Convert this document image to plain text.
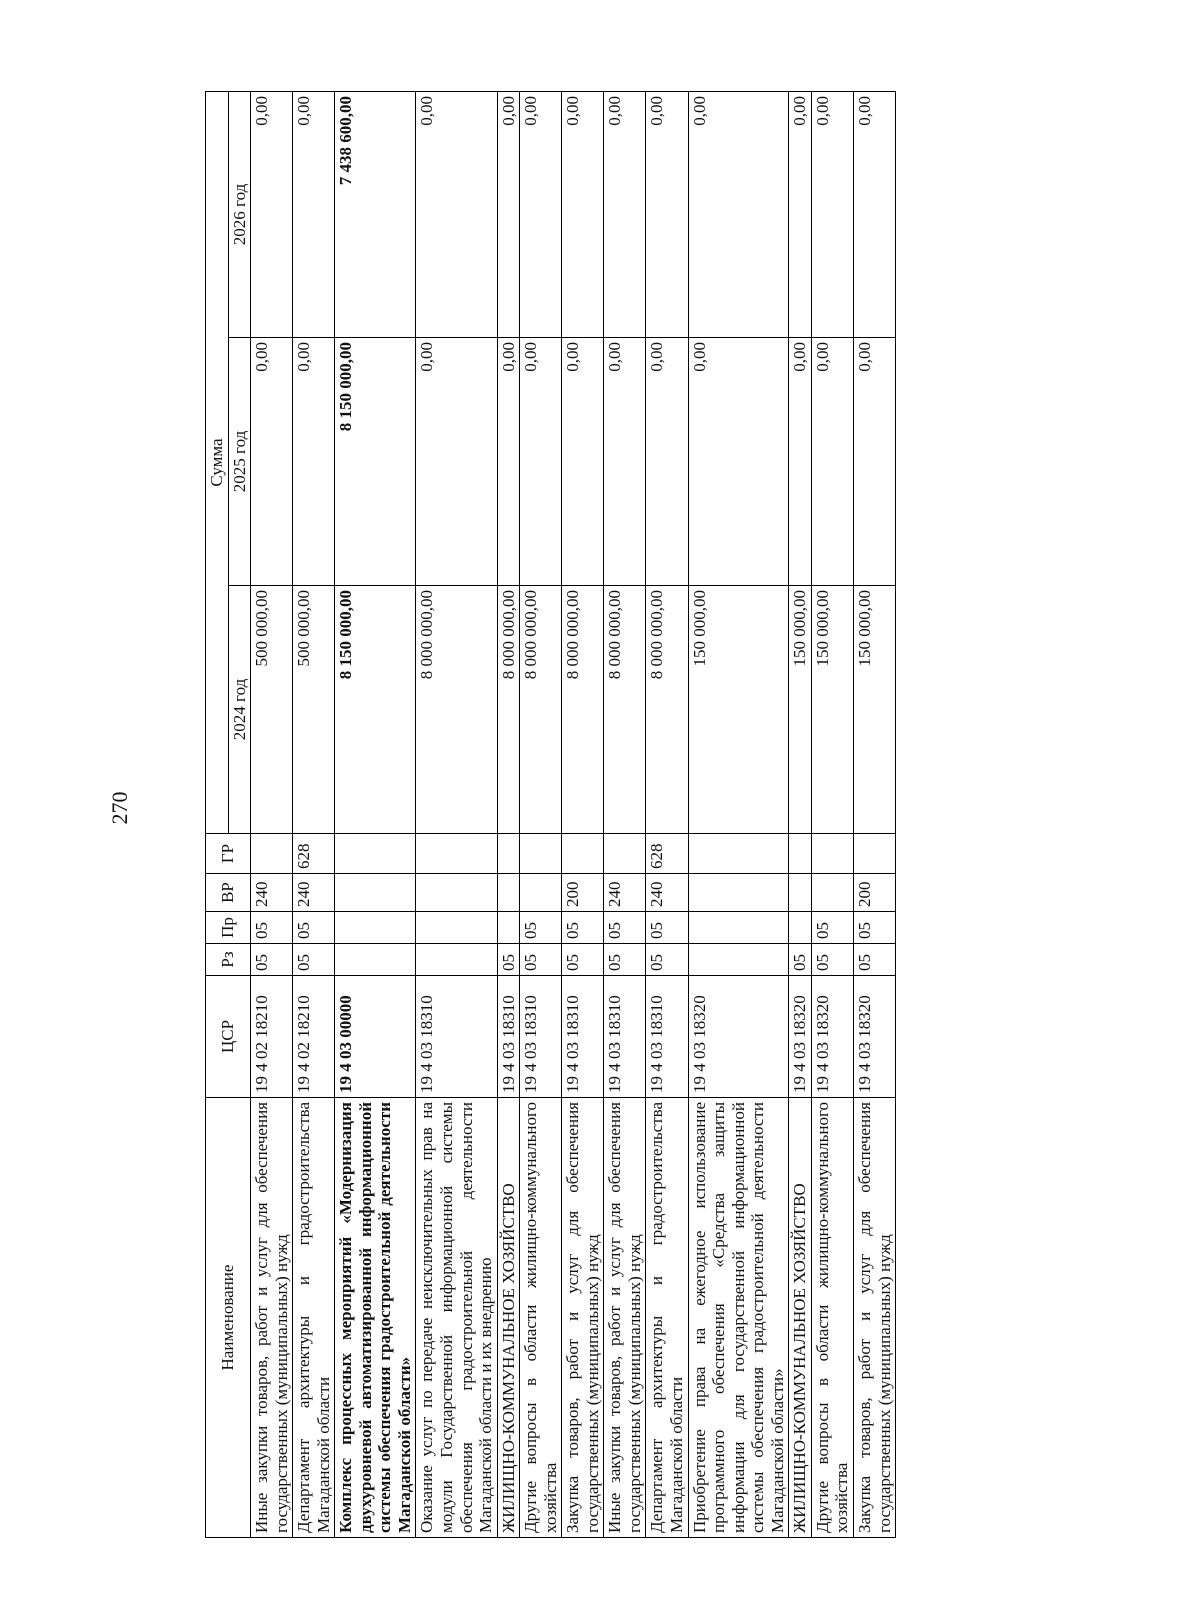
270
Наименование	ЦСР	Рз	Пр	ВР	ГР	Сумма		
						2024 год	2025 год	2026 год
Иные закупки товаров, работ и услуг для обеспечения государственных (муниципальных) нужд	19 4 02 18210	05	05	240		500 000,00	0,00	0,00
Департамент архитектуры и градостроительства Магаданской области	19 4 02 18210	05	05	240	628	500 000,00	0,00	0,00
Комплекс процессных мероприятий «Модернизация двухуровневой автоматизированной информационной системы обеспечения градостроительной деятельности Магаданской области»	19 4 03 00000					8 150 000,00	8 150 000,00	7 438 600,00
Оказание услуг по передаче неисключительных прав на модули Государственной информационной системы обеспечения градостроительной деятельности Магаданской области и их внедрению	19 4 03 18310					8 000 000,00	0,00	0,00
ЖИЛИЩНО-КОММУНАЛЬНОЕ ХОЗЯЙСТВО	19 4 03 18310	05				8 000 000,00	0,00	0,00
Другие вопросы в области жилищно-коммунального хозяйства	19 4 03 18310	05	05			8 000 000,00	0,00	0,00
Закупка товаров, работ и услуг для обеспечения государственных (муниципальных) нужд	19 4 03 18310	05	05	200		8 000 000,00	0,00	0,00
Иные закупки товаров, работ и услуг для обеспечения государственных (муниципальных) нужд	19 4 03 18310	05	05	240		8 000 000,00	0,00	0,00
Департамент архитектуры и градостроительства Магаданской области	19 4 03 18310	05	05	240	628	8 000 000,00	0,00	0,00
Приобретение права на ежегодное использование программного обеспечения «Средства защиты информации для государственной информационной системы обеспечения градостроительной деятельности Магаданской области»	19 4 03 18320					150 000,00	0,00	0,00
ЖИЛИЩНО-КОММУНАЛЬНОЕ ХОЗЯЙСТВО	19 4 03 18320	05				150 000,00	0,00	0,00
Другие вопросы в области жилищно-коммунального хозяйства	19 4 03 18320	05	05			150 000,00	0,00	0,00
Закупка товаров, работ и услуг для обеспечения государственных (муниципальных) нужд	19 4 03 18320	05	05	200		150 000,00	0,00	0,00
